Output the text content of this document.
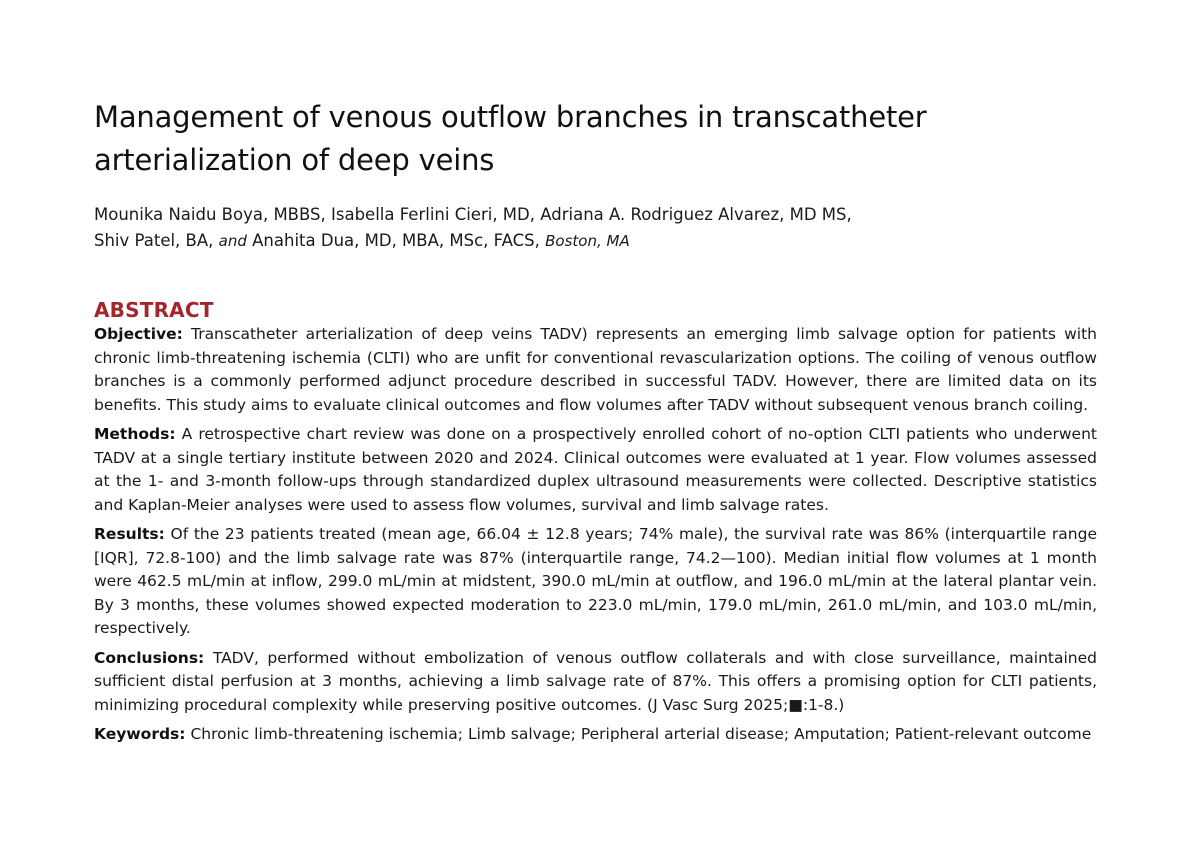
Management of venous outflow branches in transcatheter arterialization of deep veins
Mounika Naidu Boya, MBBS, Isabella Ferlini Cieri, MD, Adriana A. Rodriguez Alvarez, MD MS,
Shiv Patel, BA, and Anahita Dua, MD, MBA, MSc, FACS, Boston, MA
ABSTRACT

Objective: Transcatheter arterialization of deep veins TADV) represents an emerging limb salvage option for patients with chronic limb-threatening ischemia (CLTI) who are unfit for conventional revascularization options. The coiling of venous outflow branches is a commonly performed adjunct procedure described in successful TADV. However, there are limited data on its benefits. This study aims to evaluate clinical outcomes and flow volumes after TADV without subsequent venous branch coiling.

Methods: A retrospective chart review was done on a prospectively enrolled cohort of no-option CLTI patients who underwent TADV at a single tertiary institute between 2020 and 2024. Clinical outcomes were evaluated at 1 year. Flow volumes assessed at the 1- and 3-month follow-ups through standardized duplex ultrasound measurements were collected. Descriptive statistics and Kaplan-Meier analyses were used to assess flow volumes, survival and limb salvage rates.

Results: Of the 23 patients treated (mean age, 66.04 ± 12.8 years; 74% male), the survival rate was 86% (interquartile range [IQR], 72.8-100) and the limb salvage rate was 87% (interquartile range, 74.2—100). Median initial flow volumes at 1 month were 462.5 mL/min at inflow, 299.0 mL/min at midstent, 390.0 mL/min at outflow, and 196.0 mL/min at the lateral plantar vein. By 3 months, these volumes showed expected moderation to 223.0 mL/min, 179.0 mL/min, 261.0 mL/min, and 103.0 mL/min, respectively.

Conclusions: TADV, performed without embolization of venous outflow collaterals and with close surveillance, maintained sufficient distal perfusion at 3 months, achieving a limb salvage rate of 87%. This offers a promising option for CLTI patients, minimizing procedural complexity while preserving positive outcomes. (J Vasc Surg 2025;■:1-8.)

Keywords: Chronic limb-threatening ischemia; Limb salvage; Peripheral arterial disease; Amputation; Patient-relevant outcome
